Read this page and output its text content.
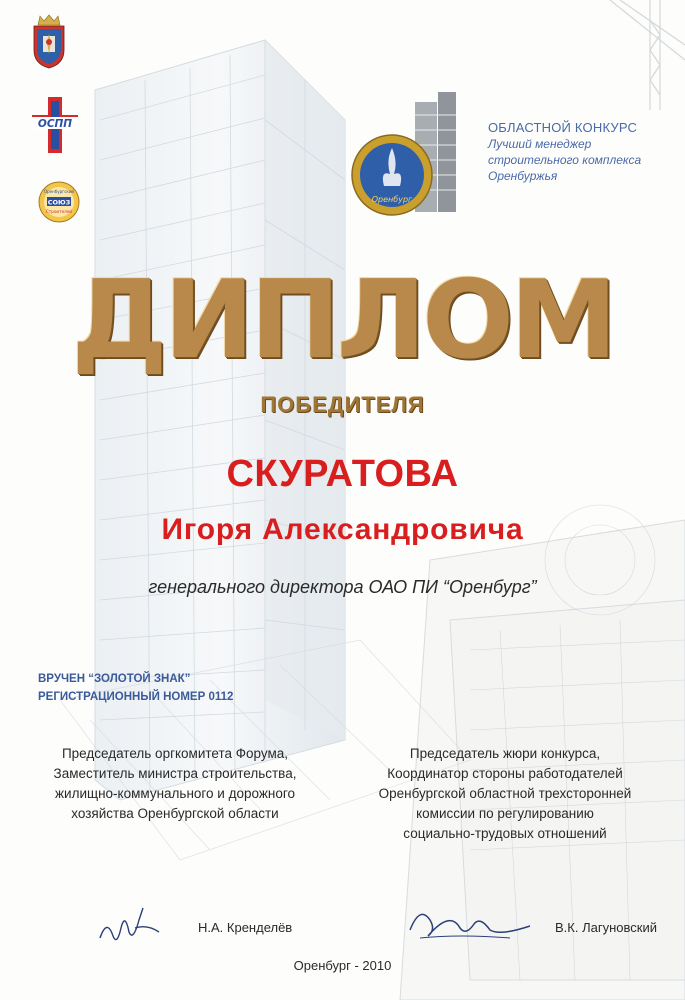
ОСПП
Оренбургский
СОЮЗ
Строителей
Оренбург
ОБЛАСТНОЙ КОНКУРС
Лучший менеджер
строительного комплекса
Оренбуржья
ДИПЛОМ
ПОБЕДИТЕЛЯ
СКУРАТОВА
Игоря Александровича
генерального директора ОАО ПИ “Оренбург”
ВРУЧЕН “ЗОЛОТОЙ ЗНАК”
РЕГИСТРАЦИОННЫЙ НОМЕР 0112
Председатель оргкомитета Форума,
Заместитель министра строительства,
жилищно-коммунального и дорожного
хозяйства Оренбургской области
Председатель жюри конкурса,
Координатор стороны работодателей
Оренбургской областной трехсторонней
комиссии по регулированию
социально-трудовых отношений
Н.А. Кренделёв	В.К. Лагуновский
Оренбург - 2010
